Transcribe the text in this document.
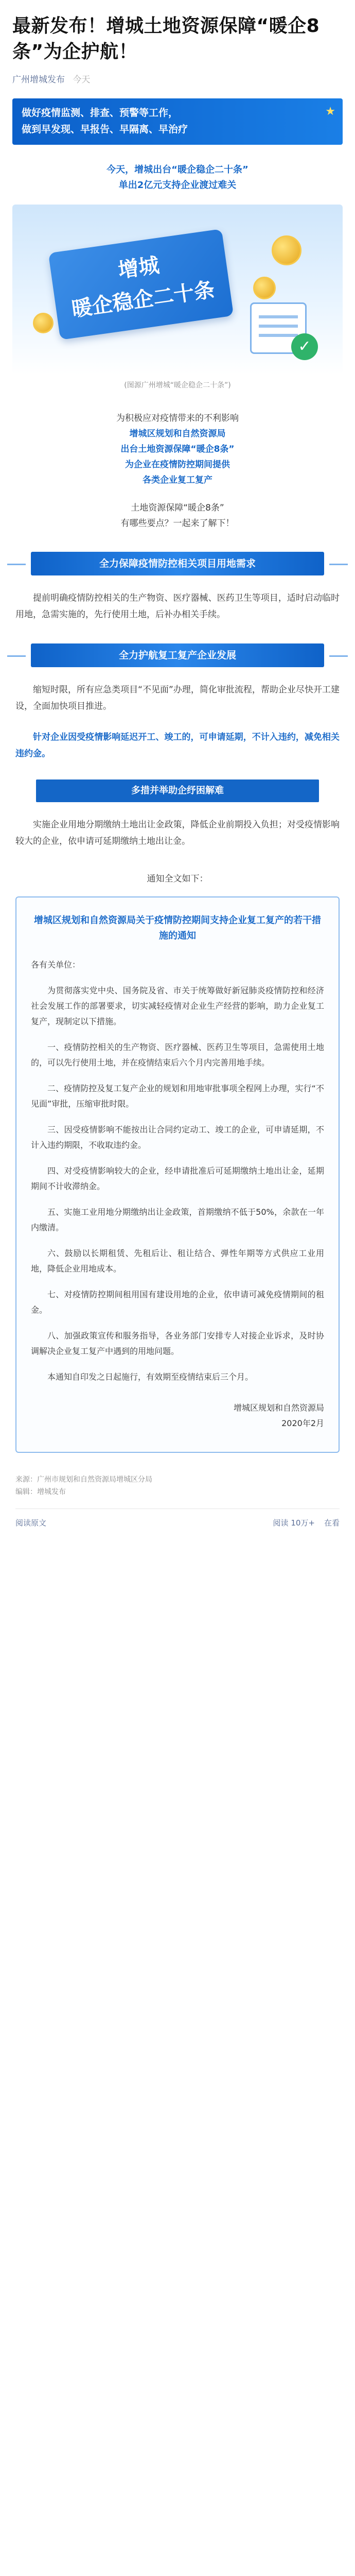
最新发布！增城土地资源保障“暖企8条”为企护航！
广州增城发布 今天
★
做好疫情监测、排查、预警等工作，
做到早发现、早报告、早隔离、早治疗

今天，增城出台“暖企稳企二十条”

单出2亿元支持企业渡过难关

增城
暖企稳企二十条
✓
(图源广州增城“暖企稳企二十条”)

为积极应对疫情带来的不利影响

增城区规划和自然资源局

出台土地资源保障“暖企8条”

为企业在疫情防控期间提供

各类企业复工复产

土地资源保障“暖企8条”

有哪些要点？一起来了解下！

全力保障疫情防控相关项目用地需求

提前明确疫情防控相关的生产物资、医疗器械、医药卫生等项目，适时启动临时用地，急需实施的，先行使用土地，后补办相关手续。

全力护航复工复产企业发展

缩短时限，所有应急类项目“不见面”办理，简化审批流程，帮助企业尽快开工建设，全面加快项目推进。

针对企业因受疫情影响延迟开工、竣工的，可申请延期，不计入违约，减免相关违约金。

多措并举助企纾困解难

实施企业用地分期缴纳土地出让金政策，降低企业前期投入负担；对受疫情影响较大的企业，依申请可延期缴纳土地出让金。

通知全文如下：
增城区规划和自然资源局关于疫情防控期间支持企业复工复产的若干措施的通知

各有关单位：

为贯彻落实党中央、国务院及省、市关于统筹做好新冠肺炎疫情防控和经济社会发展工作的部署要求，切实减轻疫情对企业生产经营的影响，助力企业复工复产，现制定以下措施。

一、疫情防控相关的生产物资、医疗器械、医药卫生等项目，急需使用土地的，可以先行使用土地，并在疫情结束后六个月内完善用地手续。

二、疫情防控及复工复产企业的规划和用地审批事项全程网上办理，实行“不见面”审批，压缩审批时限。

三、因受疫情影响不能按出让合同约定动工、竣工的企业，可申请延期，不计入违约期限，不收取违约金。

四、对受疫情影响较大的企业，经申请批准后可延期缴纳土地出让金，延期期间不计收滞纳金。

五、实施工业用地分期缴纳出让金政策，首期缴纳不低于50%，余款在一年内缴清。

六、鼓励以长期租赁、先租后让、租让结合、弹性年期等方式供应工业用地，降低企业用地成本。

七、对疫情防控期间租用国有建设用地的企业，依申请可减免疫情期间的租金。

八、加强政策宣传和服务指导，各业务部门安排专人对接企业诉求，及时协调解决企业复工复产中遇到的用地问题。

本通知自印发之日起施行，有效期至疫情结束后三个月。

增城区规划和自然资源局
2020年2月
来源：广州市规划和自然资源局增城区分局
编辑：增城发布
阅读原文	阅读 10万+ 在看
